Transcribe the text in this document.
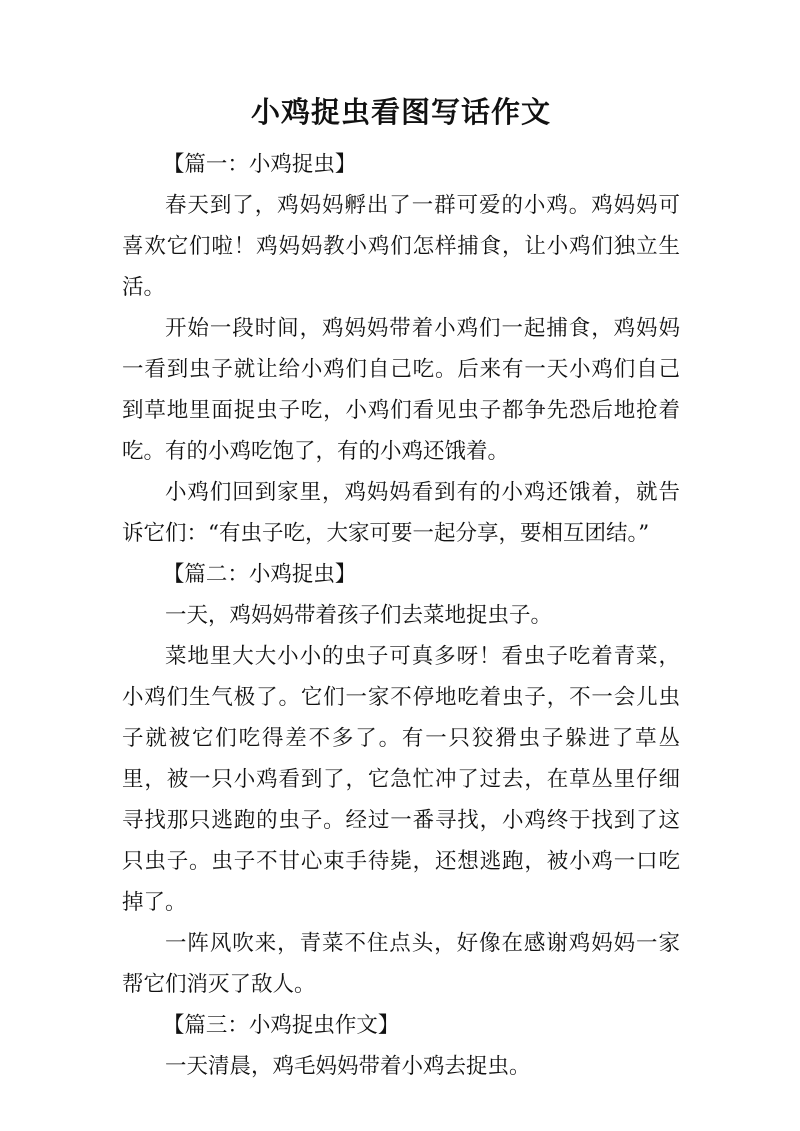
小鸡捉虫看图写话作文

【篇一：小鸡捉虫】

春天到了，鸡妈妈孵出了一群可爱的小鸡。鸡妈妈可喜欢它们啦！鸡妈妈教小鸡们怎样捕食，让小鸡们独立生活。

开始一段时间，鸡妈妈带着小鸡们一起捕食，鸡妈妈一看到虫子就让给小鸡们自己吃。后来有一天小鸡们自己到草地里面捉虫子吃，小鸡们看见虫子都争先恐后地抢着吃。有的小鸡吃饱了，有的小鸡还饿着。

小鸡们回到家里，鸡妈妈看到有的小鸡还饿着，就告诉它们：“有虫子吃，大家可要一起分享，要相互团结。”

【篇二：小鸡捉虫】

一天，鸡妈妈带着孩子们去菜地捉虫子。

菜地里大大小小的虫子可真多呀！看虫子吃着青菜，小鸡们生气极了。它们一家不停地吃着虫子，不一会儿虫子就被它们吃得差不多了。有一只狡猾虫子躲进了草丛里，被一只小鸡看到了，它急忙冲了过去，在草丛里仔细寻找那只逃跑的虫子。经过一番寻找，小鸡终于找到了这只虫子。虫子不甘心束手待毙，还想逃跑，被小鸡一口吃掉了。

一阵风吹来，青菜不住点头，好像在感谢鸡妈妈一家帮它们消灭了敌人。

【篇三：小鸡捉虫作文】

一天清晨，鸡毛妈妈带着小鸡去捉虫。
